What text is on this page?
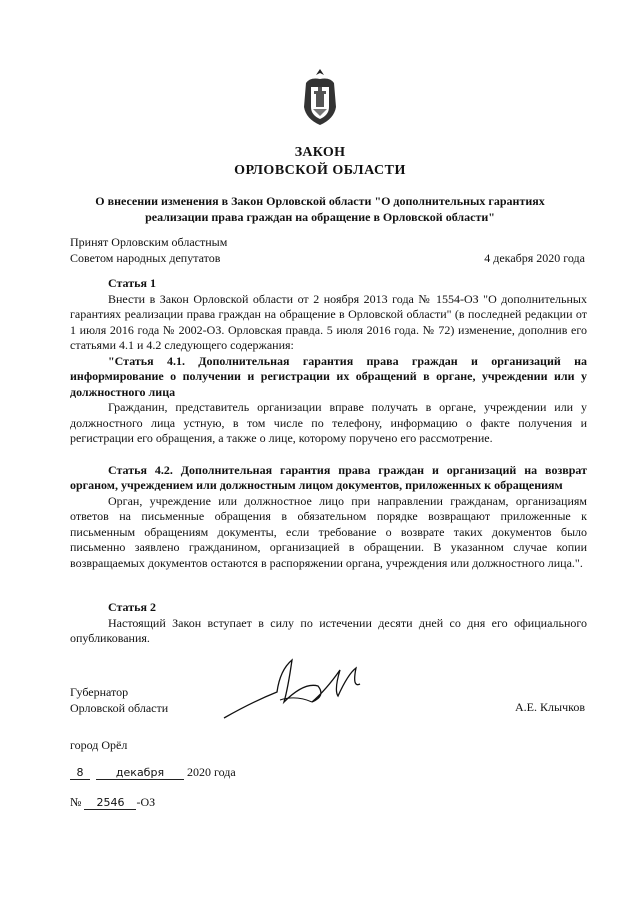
ЗАКОН
ОРЛОВСКОЙ ОБЛАСТИ
О внесении изменения в Закон Орловской области "О дополнительных гарантиях
реализации права граждан на обращение в Орловской области"
Принят Орловским областным
Советом народных депутатов	4 декабря 2020 года

Статья 1

Внести в Закон Орловской области от 2 ноября 2013 года № 1554-ОЗ "О дополнительных гарантиях реализации права граждан на обращение в Орловской области" (в последней редакции от 1 июля 2016 года № 2002-ОЗ. Орловская правда. 5 июля 2016 года. № 72) изменение, дополнив его статьями 4.1 и 4.2 следующего содержания:

"Статья 4.1. Дополнительная гарантия права граждан и организаций на информирование о получении и регистрации их обращений в органе, учреждении или у должностного лица

Гражданин, представитель организации вправе получать в органе, учреждении или у должностного лица устную, в том числе по телефону, информацию о факте получения и регистрации его обращения, а также о лице, которому поручено его рассмотрение.

Статья 4.2. Дополнительная гарантия права граждан и организаций на возврат органом, учреждением или должностным лицом документов, приложенных к обращениям

Орган, учреждение или должностное лицо при направлении гражданам, организациям ответов на письменные обращения в обязательном порядке возвращают приложенные к письменным обращениям документы, если требование о возврате таких документов было письменно заявлено гражданином, организацией в обращении. В указанном случае копии возвращаемых документов остаются в распоряжении органа, учреждения или должностного лица.".

Статья 2

Настоящий Закон вступает в силу по истечении десяти дней со дня его официального опубликования.

Губернатор
Орловской области	А.Е. Клычков
город Орёл
8	декабря 2020 года
№ 2546 -ОЗ
